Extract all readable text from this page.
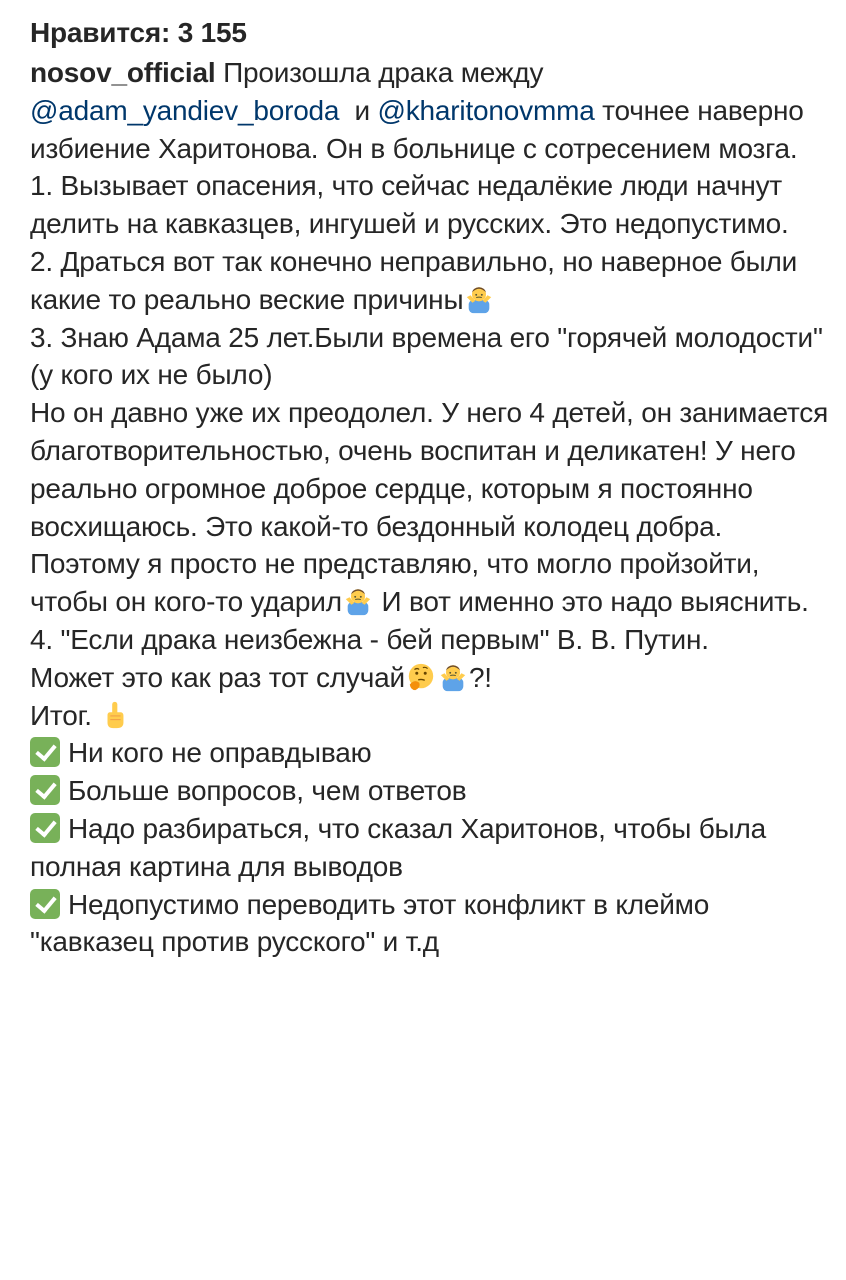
Нравится: 3 155

nosov_official Произошла драка между @adam_yandiev_boroda и @kharitonovmma точнее наверно избиение Харитонова. Он в больнице с сотресением мозга.

1. Вызывает опасения, что сейчас недалёкие люди начнут делить на кавказцев, ингушей и русских. Это недопустимо.

2. Драться вот так конечно неправильно, но наверное были какие то реально веские причины

3. Знаю Адама 25 лет.Были времена его "горячей молодости" (у кого их не было)

Но он давно уже их преодолел. У него 4 детей, он занимается благотворительностью, очень воспитан и деликатен! У него реально огромное доброе сердце, которым я постоянно восхищаюсь. Это какой-то бездонный колодец добра. Поэтому я просто не представляю, что могло пройзойти, чтобы он кого-то ударил И вот именно это надо выяснить.

4. "Если драка неизбежна - бей первым" В. В. Путин.

Может это как раз тот случай ?!

Итог.

Ни кого не оправдываю

Больше вопросов, чем ответов

Надо разбираться, что сказал Харитонов, чтобы была полная картина для выводов

Недопустимо переводить этот конфликт в клеймо "кавказец против русского" и т.д
